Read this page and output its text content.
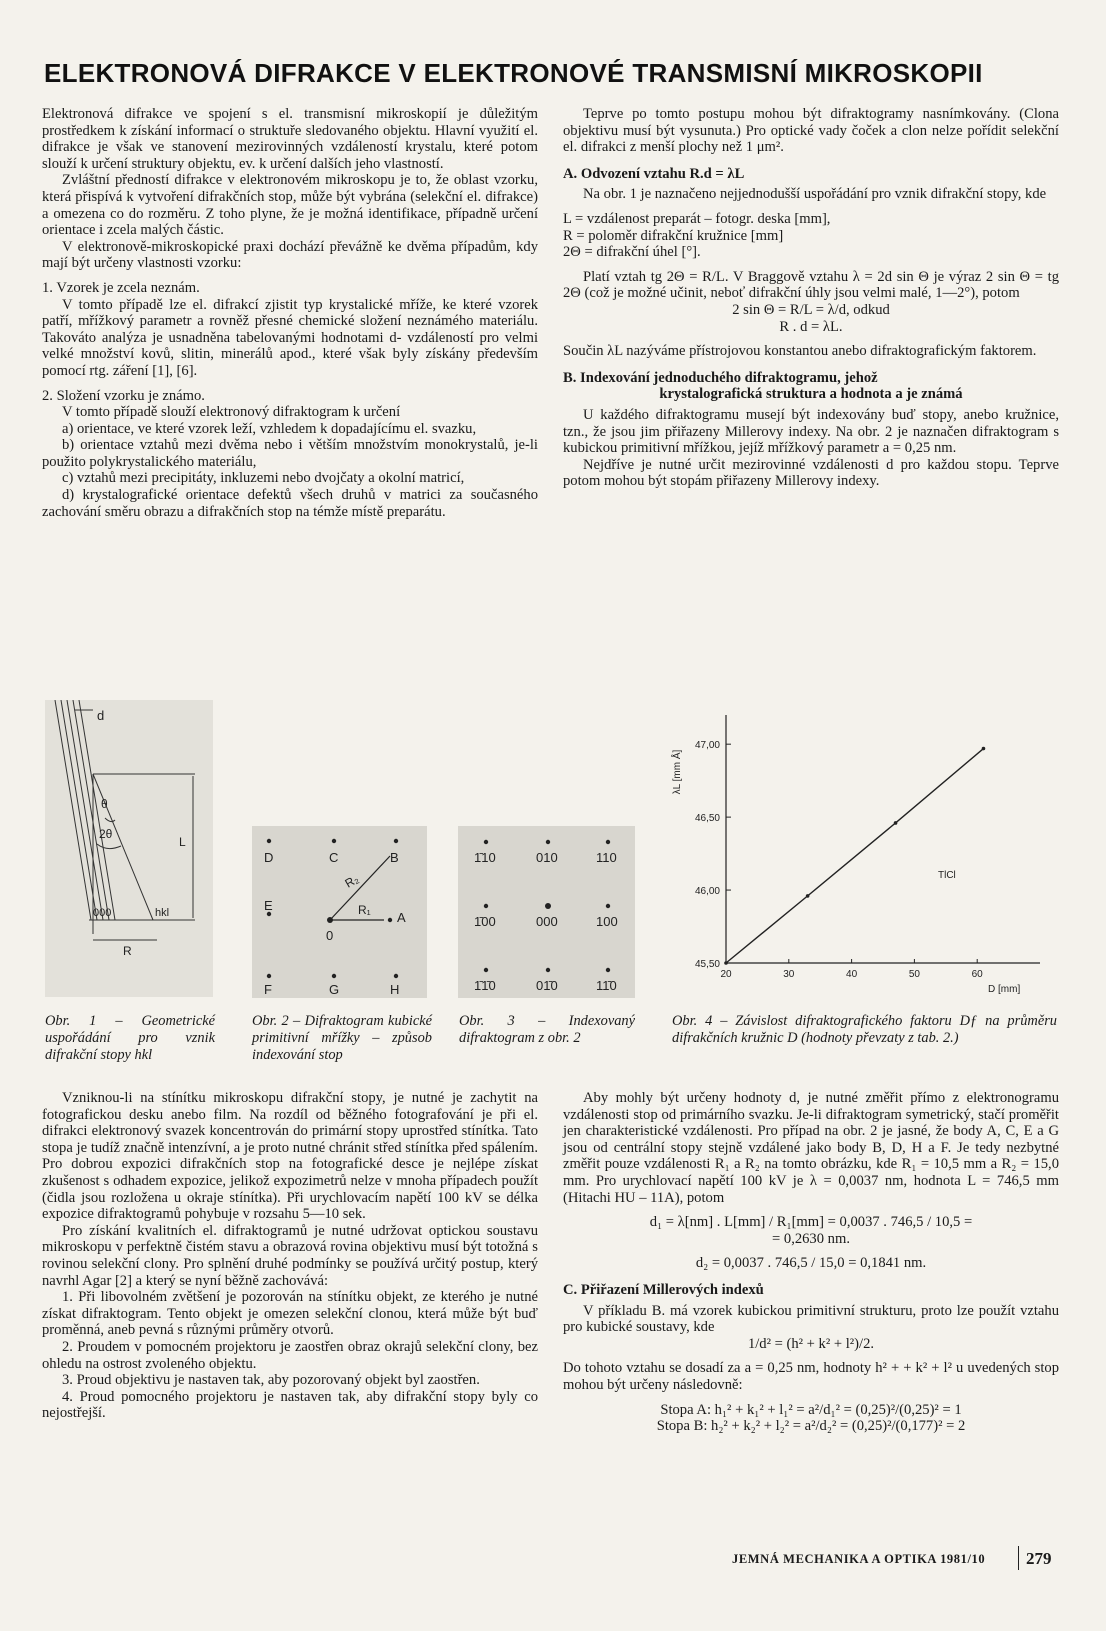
ELEKTRONOVÁ DIFRAKCE V ELEKTRONOVÉ TRANSMISNÍ MIKROSKOPII

Elektronová difrakce ve spojení s el. transmisní mikroskopií je důležitým prostředkem k získání informací o struktuře sledovaného objektu. Hlavní využití el. difrakce je však ve stanovení mezirovinných vzdáleností krystalu, které potom slouží k určení struktury objektu, ev. k určení dalších jeho vlastností.

Zvláštní předností difrakce v elektronovém mikroskopu je to, že oblast vzorku, která přispívá k vytvoření difrakčních stop, může být vybrána (selekční el. difrakce) a omezena co do rozměru. Z toho plyne, že je možná identifikace, případně určení orientace i zcela malých částic.

V elektronově-mikroskopické praxi dochází převážně ke dvěma případům, kdy mají být určeny vlastnosti vzorku:

1. Vzorek je zcela neznám.

V tomto případě lze el. difrakcí zjistit typ krystalické mříže, ke které vzorek patří, mřížkový parametr a rovněž přesné chemické složení neznámého materiálu. Takováto analýza je usnadněna tabelovanými hodnotami d- vzdáleností pro velmi velké množství kovů, slitin, minerálů apod., které však byly získány především pomocí rtg. záření [1], [6].

2. Složení vzorku je známo.

V tomto případě slouží elektronový difraktogram k určení

a) orientace, ve které vzorek leží, vzhledem k dopadajícímu el. svazku,

b) orientace vztahů mezi dvěma nebo i větším množstvím monokrystalů, je-li použito polykrystalického materiálu,

c) vztahů mezi precipitáty, inkluzemi nebo dvojčaty a okolní matricí,

d) krystalografické orientace defektů všech druhů v matrici za současného zachování směru obrazu a difrakčních stop na témže místě preparátu.

Teprve po tomto postupu mohou být difraktogramy nasnímkovány. (Clona objektivu musí být vysunuta.) Pro optické vady čoček a clon nelze pořídit selekční el. difrakci z menší plochy než 1 μm².

A. Odvození vztahu R.d = λL

Na obr. 1 je naznačeno nejjednodušší uspořádání pro vznik difrakční stopy, kde

L = vzdálenost preparát – fotogr. deska [mm],

R = poloměr difrakční kružnice [mm]

2Θ = difrakční úhel [°].

Platí vztah tg 2Θ = R/L. V Braggově vztahu λ = 2d sin Θ je výraz 2 sin Θ = tg 2Θ (což je možné učinit, neboť difrakční úhly jsou velmi malé, 1—2°), potom

2 sin Θ = R/L = λ/d, odkud

R . d = λL.

Součin λL nazýváme přístrojovou konstantou anebo difraktografickým faktorem.

B. Indexování jednoduchého difraktogramu, jehož
krystalografická struktura a hodnota a je známá

U každého difraktogramu musejí být indexovány buď stopy, anebo kružnice, tzn., že jsou jim přiřazeny Millerovy indexy. Na obr. 2 je naznačen difraktogram s kubickou primitivní mřížkou, jejíž mřížkový parametr a = 0,25 nm.

Nejdříve je nutné určit mezirovinné vzdálenosti d pro každou stopu. Teprve potom mohou být stopám přiřazeny Millerovy indexy.

d
θ
2θ
L
000	hkl
R
Obr. 1 – Geometrické uspořádání pro vznik difrakční stopy hkl
D	C	B
E
0
A
F	G	H
R₁
R₂
Obr. 2 – Difraktogram kubické primitivní mřížky – způsob indexování stop
1̄10	010	110
1̄00	000	100
1̄1̄0	01̄0	11̄0
Obr. 3 – Indexovaný difraktogram z obr. 2
20	30	40	50	60
45,50
46,00
46,50
47,00
λL [mm Å]
D [mm]
TlCl
Obr. 4 – Závislost difraktografického faktoru Dƒ na průměru difrakčních kružnic D (hodnoty převzaty z tab. 2.)

Vzniknou-li na stínítku mikroskopu difrakční stopy, je nutné je zachytit na fotografickou desku anebo film. Na rozdíl od běžného fotografování je při el. difrakci elektronový svazek koncentrován do primární stopy uprostřed stínítka. Tato stopa je tudíž značně intenzívní, a je proto nutné chránit střed stínítka před spálením. Pro dobrou expozici difrakčních stop na fotografické desce je nejlépe získat zkušenost s odhadem expozice, jelikož expozimetrů nelze v mnoha případech použít (čidla jsou rozložena u okraje stínítka). Při urychlovacím napětí 100 kV se délka expozice difraktogramů pohybuje v rozsahu 5—10 sek.

Pro získání kvalitních el. difraktogramů je nutné udržovat optickou soustavu mikroskopu v perfektně čistém stavu a obrazová rovina objektivu musí být totožná s rovinou selekční clony. Pro splnění druhé podmínky se používá určitý postup, který navrhl Agar [2] a který se nyní běžně zachovává:

1. Při libovolném zvětšení je pozorován na stínítku objekt, ze kterého je nutné získat difraktogram. Tento objekt je omezen selekční clonou, která může být buď proměnná, aneb pevná s různými průměry otvorů.

2. Proudem v pomocném projektoru je zaostřen obraz okrajů selekční clony, bez ohledu na ostrost zvoleného objektu.

3. Proud objektivu je nastaven tak, aby pozorovaný objekt byl zaostřen.

4. Proud pomocného projektoru je nastaven tak, aby difrakční stopy byly co nejostřejší.

Aby mohly být určeny hodnoty d, je nutné změřit přímo z elektronogramu vzdálenosti stop od primárního svazku. Je-li difraktogram symetrický, stačí proměřit jen charakteristické vzdálenosti. Pro případ na obr. 2 je jasné, že body A, C, E a G jsou od centrální stopy stejně vzdálené jako body B, D, H a F. Je tedy nezbytné změřit pouze vzdálenosti R₁ a R₂ na tomto obrázku, kde R₁ = 10,5 mm a R₂ = 15,0 mm. Pro urychlovací napětí 100 kV je λ = 0,0037 nm, hodnota L = 746,5 mm (Hitachi HU – 11A), potom

d₁ = λ[nm] . L[mm] / R₁[mm] = 0,0037 . 746,5 / 10,5 =

= 0,2630 nm.

d₂ = 0,0037 . 746,5 / 15,0 = 0,1841 nm.

C. Přiřazení Millerových indexů

V příkladu B. má vzorek kubickou primitivní strukturu, proto lze použít vztahu pro kubické soustavy, kde

1/d² = (h² + k² + l²)/2.

Do tohoto vztahu se dosadí za a = 0,25 nm, hodnoty h² + + k² + l² u uvedených stop mohou být určeny následovně:

Stopa A: h₁² + k₁² + l₁² = a²/d₁² = (0,25)²/(0,25)² = 1

Stopa B: h₂² + k₂² + l₂² = a²/d₂² = (0,25)²/(0,177)² = 2

JEMNÁ MECHANIKA A OPTIKA 1981/10 279
